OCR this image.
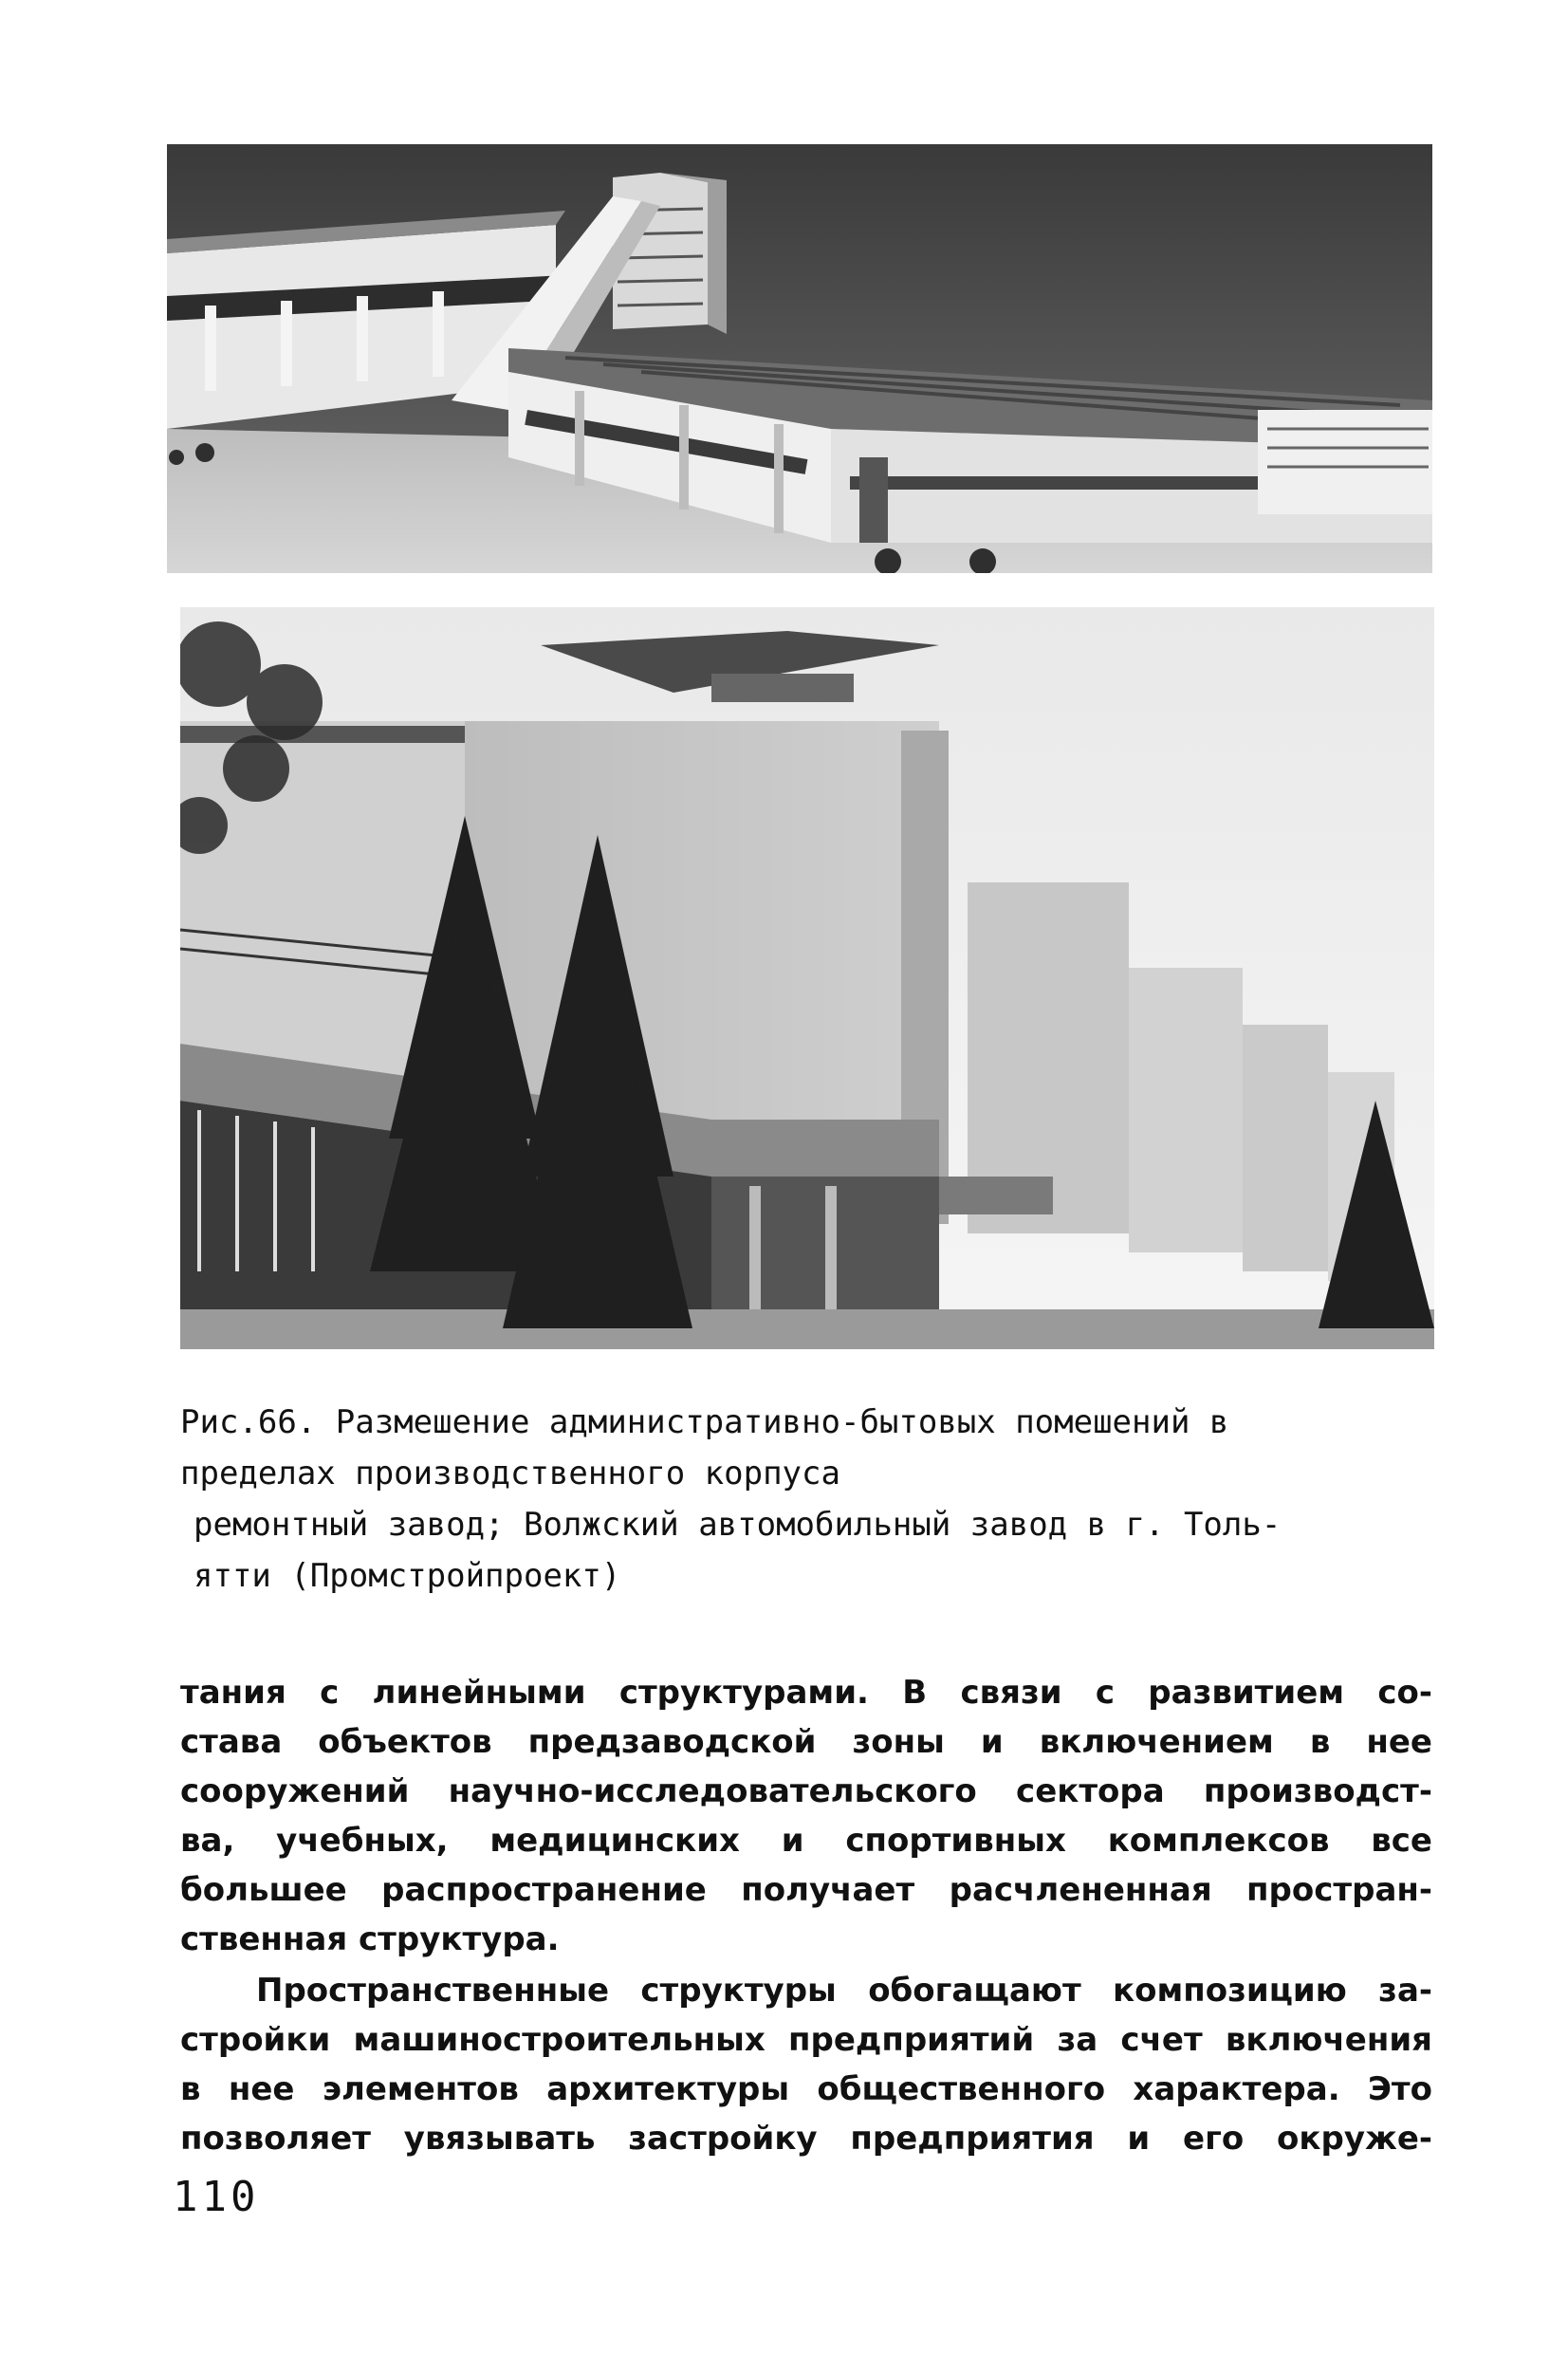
Рис.66. Размешение административно-бытовых помешений в
пределах производственного корпуса
ремонтный завод; Волжский автомобильный завод в г. Толь-
ятти (Промстройпроект)
тания с линейными структурами. В связи с развитием со-
става объектов предзаводской зоны и включением в нее
сооружений научно-исследовательского сектора производст-
ва, учебных, медицинских и спортивных комплексов все
большее распространение получает расчлененная простран-
ственная структура.
Пространственные структуры обогащают композицию за-
стройки машиностроительных предприятий за счет включения
в нее элементов архитектуры общественного характера. Это
позволяет увязывать застройку предприятия и его окруже-
110
